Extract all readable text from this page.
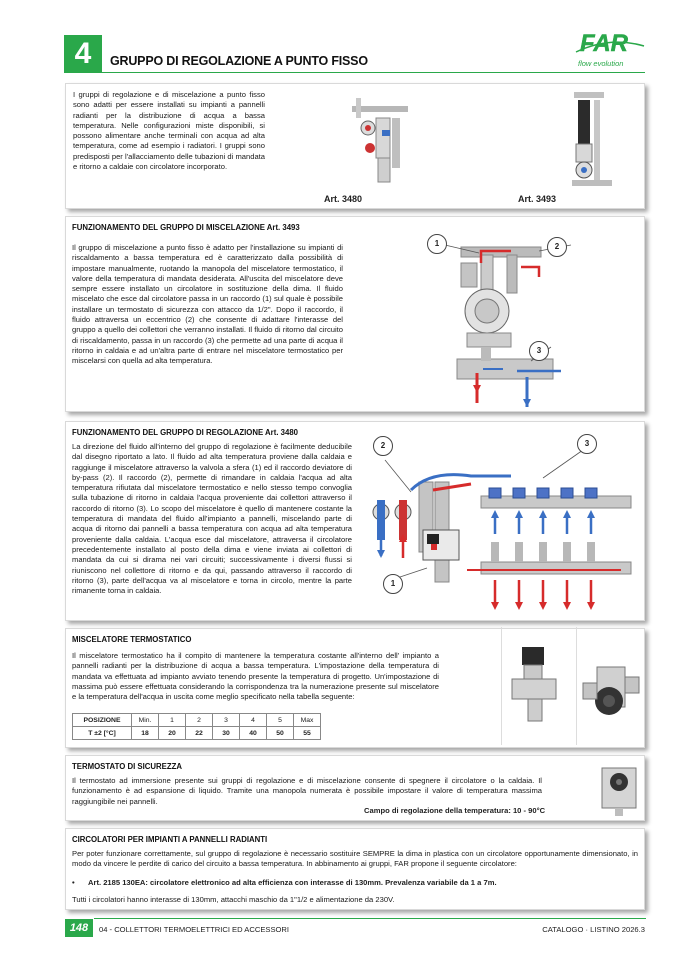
4	GRUPPO DI REGOLAZIONE A PUNTO FISSO
FAR
flow evolution
I gruppi di regolazione e di miscelazione a punto fisso sono adatti per essere installati su impianti a pannelli radianti per la distribuzione di acqua a bassa temperatura. Nelle configurazioni miste disponibili, si possono alimentare anche terminali con acqua ad alta temperatura, come ad esempio i radiatori. I gruppi sono predisposti per l'allacciamento delle tubazioni di mandata e ritorno a caldaie con circolatore incorporato.
Art. 3480	Art. 3493
FUNZIONAMENTO DEL GRUPPO DI MISCELAZIONE Art. 3493
Il gruppo di miscelazione a punto fisso è adatto per l'installazione su impianti di riscaldamento a bassa temperatura ed è caratterizzato dalla possibilità di impostare manualmente, ruotando la manopola del miscelatore termostatico, il valore della temperatura di mandata desiderata. All'uscita del miscelatore deve sempre essere installato un circolatore in sostituzione della dima. Il fluido miscelato che esce dal circolatore passa in un raccordo (1) sul quale è possibile installare un termostato di sicurezza con attacco da 1/2". Dopo il raccordo, il fluido attraversa un eccentrico (2) che consente di adattare l'interasse del gruppo a quello dei collettori che verranno installati. Il fluido di ritorno dal circuito di riscaldamento, passa in un raccordo (3) che permette ad una parte di acqua il ritorno in caldaia e ad un'altra parte di entrare nel miscelatore termostatico per miscelarsi con quella ad alta temperatura.
1	2
3
FUNZIONAMENTO DEL GRUPPO DI REGOLAZIONE Art. 3480
La direzione del fluido all'interno del gruppo di regolazione è facilmente deducibile dal disegno riportato a lato. Il fluido ad alta temperatura proviene dalla caldaia e raggiunge il miscelatore attraverso la valvola a sfera (1) ed il raccordo deviatore di by-pass (2). Il raccordo (2), permette di rimandare in caldaia l'acqua ad alta temperatura rifiutata dal miscelatore termostatico e nello stesso tempo convoglia sulla tubazione di ritorno in caldaia l'acqua proveniente dai collettori attraverso il raccordo di ritorno (3). Lo scopo del miscelatore è quello di mantenere costante la temperatura di mandata del fluido all'impianto a pannelli, miscelando parte di acqua di ritorno dai pannelli a bassa temperatura con acqua ad alta temperatura proveniente dalla caldaia. L'acqua esce dal miscelatore, attraversa il circolatore precedentemente installato al posto della dima e viene inviata ai collettori di mandata da cui si dirama nei vari circuiti; successivamente i diversi flussi si riuniscono nel collettore di ritorno e da qui, passando attraverso il raccordo di ritorno (3), parte dell'acqua va al miscelatore e torna in circolo, mentre la parte rimanente torna in caldaia.
2	3
1
MISCELATORE TERMOSTATICO
Il miscelatore termostatico ha il compito di mantenere la temperatura costante all'interno dell' impianto a pannelli radianti per la distribuzione di acqua a bassa temperatura. L'impostazione della temperatura di mandata va effettuata ad impianto avviato tenendo presente la temperatura di progetto. Un'impostazione di massima può essere effettuata considerando la corrispondenza tra la numerazione presente sul miscelatore e la temperatura dell'acqua in uscita come meglio specificato nella tabella seguente:
POSIZIONE	Min.	1	2	3	4	5	Max
T ±2 [°C]	18	20	22	30	40	50	55
TERMOSTATO DI SICUREZZA
Il termostato ad immersione presente sui gruppi di regolazione e di miscelazione consente di spegnere il circolatore o la caldaia. Il funzionamento è ad espansione di liquido. Tramite una manopola numerata è possibile impostare il valore di temperatura massima raggiungibile nei pannelli.
Campo di regolazione della temperatura: 10 - 90°C
CIRCOLATORI PER IMPIANTI A PANNELLI RADIANTI
Per poter funzionare correttamente, sul gruppo di regolazione è necessario sostituire SEMPRE la dima in plastica con un circolatore opportunamente dimensionato, in modo da vincere le perdite di carico del circuito a bassa temperatura. In abbinamento ai gruppi, FAR propone il seguente circolatore:
• Art. 2185 130EA: circolatore elettronico ad alta efficienza con interasse di 130mm. Prevalenza variabile da 1 a 7m.
Tutti i circolatori hanno interasse di 130mm, attacchi maschio da 1"1/2 e alimentazione da 230V.
148	04 - COLLETTORI TERMOELETTRICI ED ACCESSORI	CATALOGO · LISTINO 2026.3
